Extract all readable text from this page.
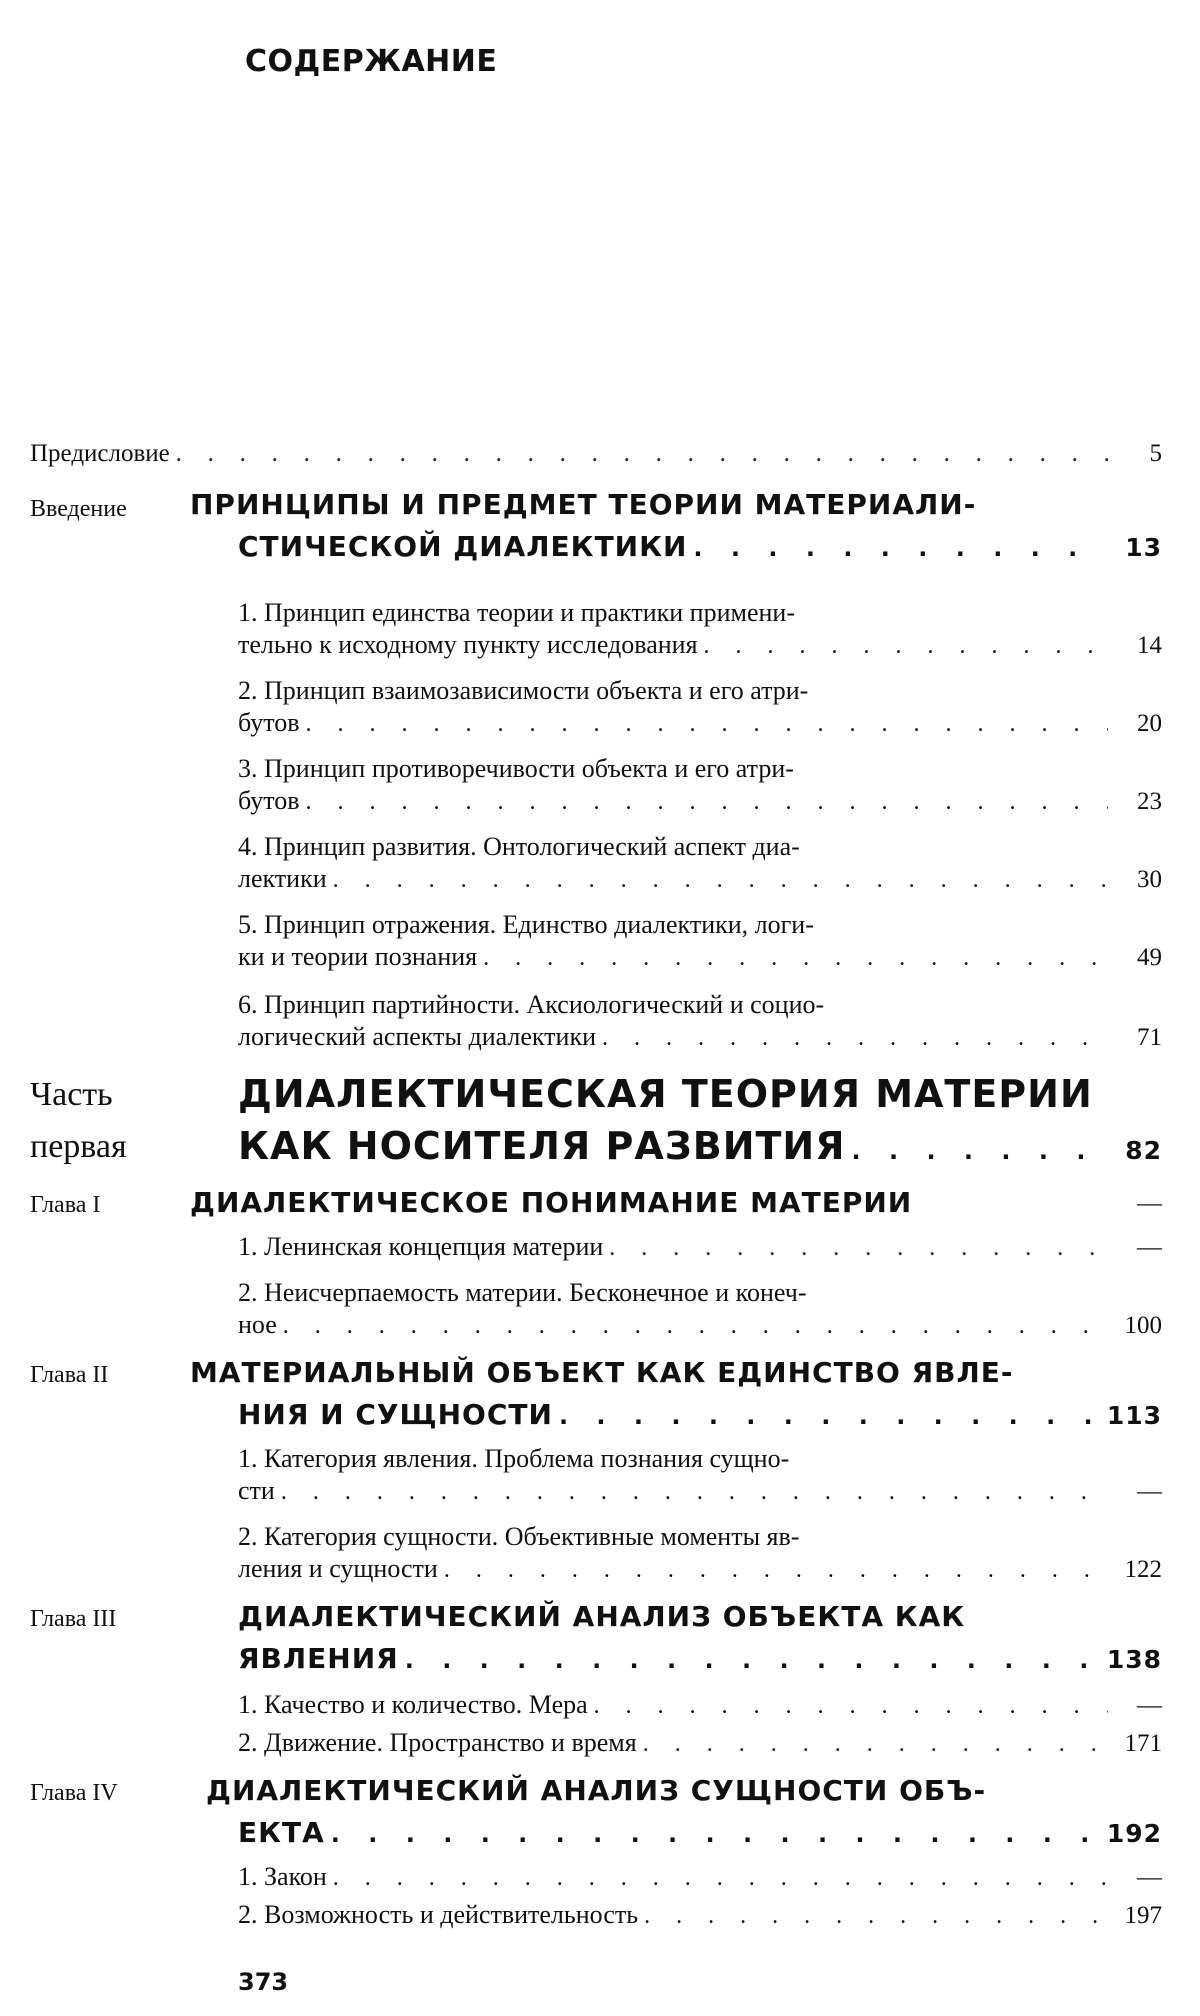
СОДЕРЖАНИЕ
Предисловие . . .	5
Введение ПРИНЦИПЫ И ПРЕДМЕТ ТЕОРИИ МАТЕРИАЛИ-
СТИЧЕСКОЙ ДИАЛЕКТИКИ . . .	13
1. Принцип единства теории и практики примени-
тельно к исходному пункту исследования . . .	14
2. Принцип взаимозависимости объекта и его атри-
бутов . . .	20
3. Принцип противоречивости объекта и его атри-
бутов . . .	23
4. Принцип развития. Онтологический аспект диа-
лектики . . .	30
5. Принцип отражения. Единство диалектики, логи-
ки и теории познания . . .	49
6. Принцип партийности. Аксиологический и социо-
логический аспекты диалектики . . .	71
Часть	ДИАЛЕКТИЧЕСКАЯ ТЕОРИЯ МАТЕРИИ
первая	КАК НОСИТЕЛЯ РАЗВИТИЯ . . .	82
Глава I	ДИАЛЕКТИЧЕСКОЕ ПОНИМАНИЕ МАТЕРИИ	—
1. Ленинская концепция материи . . .	—
2. Неисчерпаемость материи. Бесконечное и конеч-
ное . . .	100
Глава II	МАТЕРИАЛЬНЫЙ ОБЪЕКТ КАК ЕДИНСТВО ЯВЛЕ-
НИЯ И СУЩНОСТИ . . .	113
1. Категория явления. Проблема познания сущно-
сти . . .	—
2. Категория сущности. Объективные моменты яв-
ления и сущности . . .	122
Глава III	ДИАЛЕКТИЧЕСКИЙ АНАЛИЗ ОБЪЕКТА КАК
ЯВЛЕНИЯ . . .	138
1. Качество и количество. Мера . . .	—
2. Движение. Пространство и время . . .	171
Глава IV	ДИАЛЕКТИЧЕСКИЙ АНАЛИЗ СУЩНОСТИ ОБЪ-
ЕКТА . . .	192
1. Закон . . .	—
2. Возможность и действительность . . .	197
373
